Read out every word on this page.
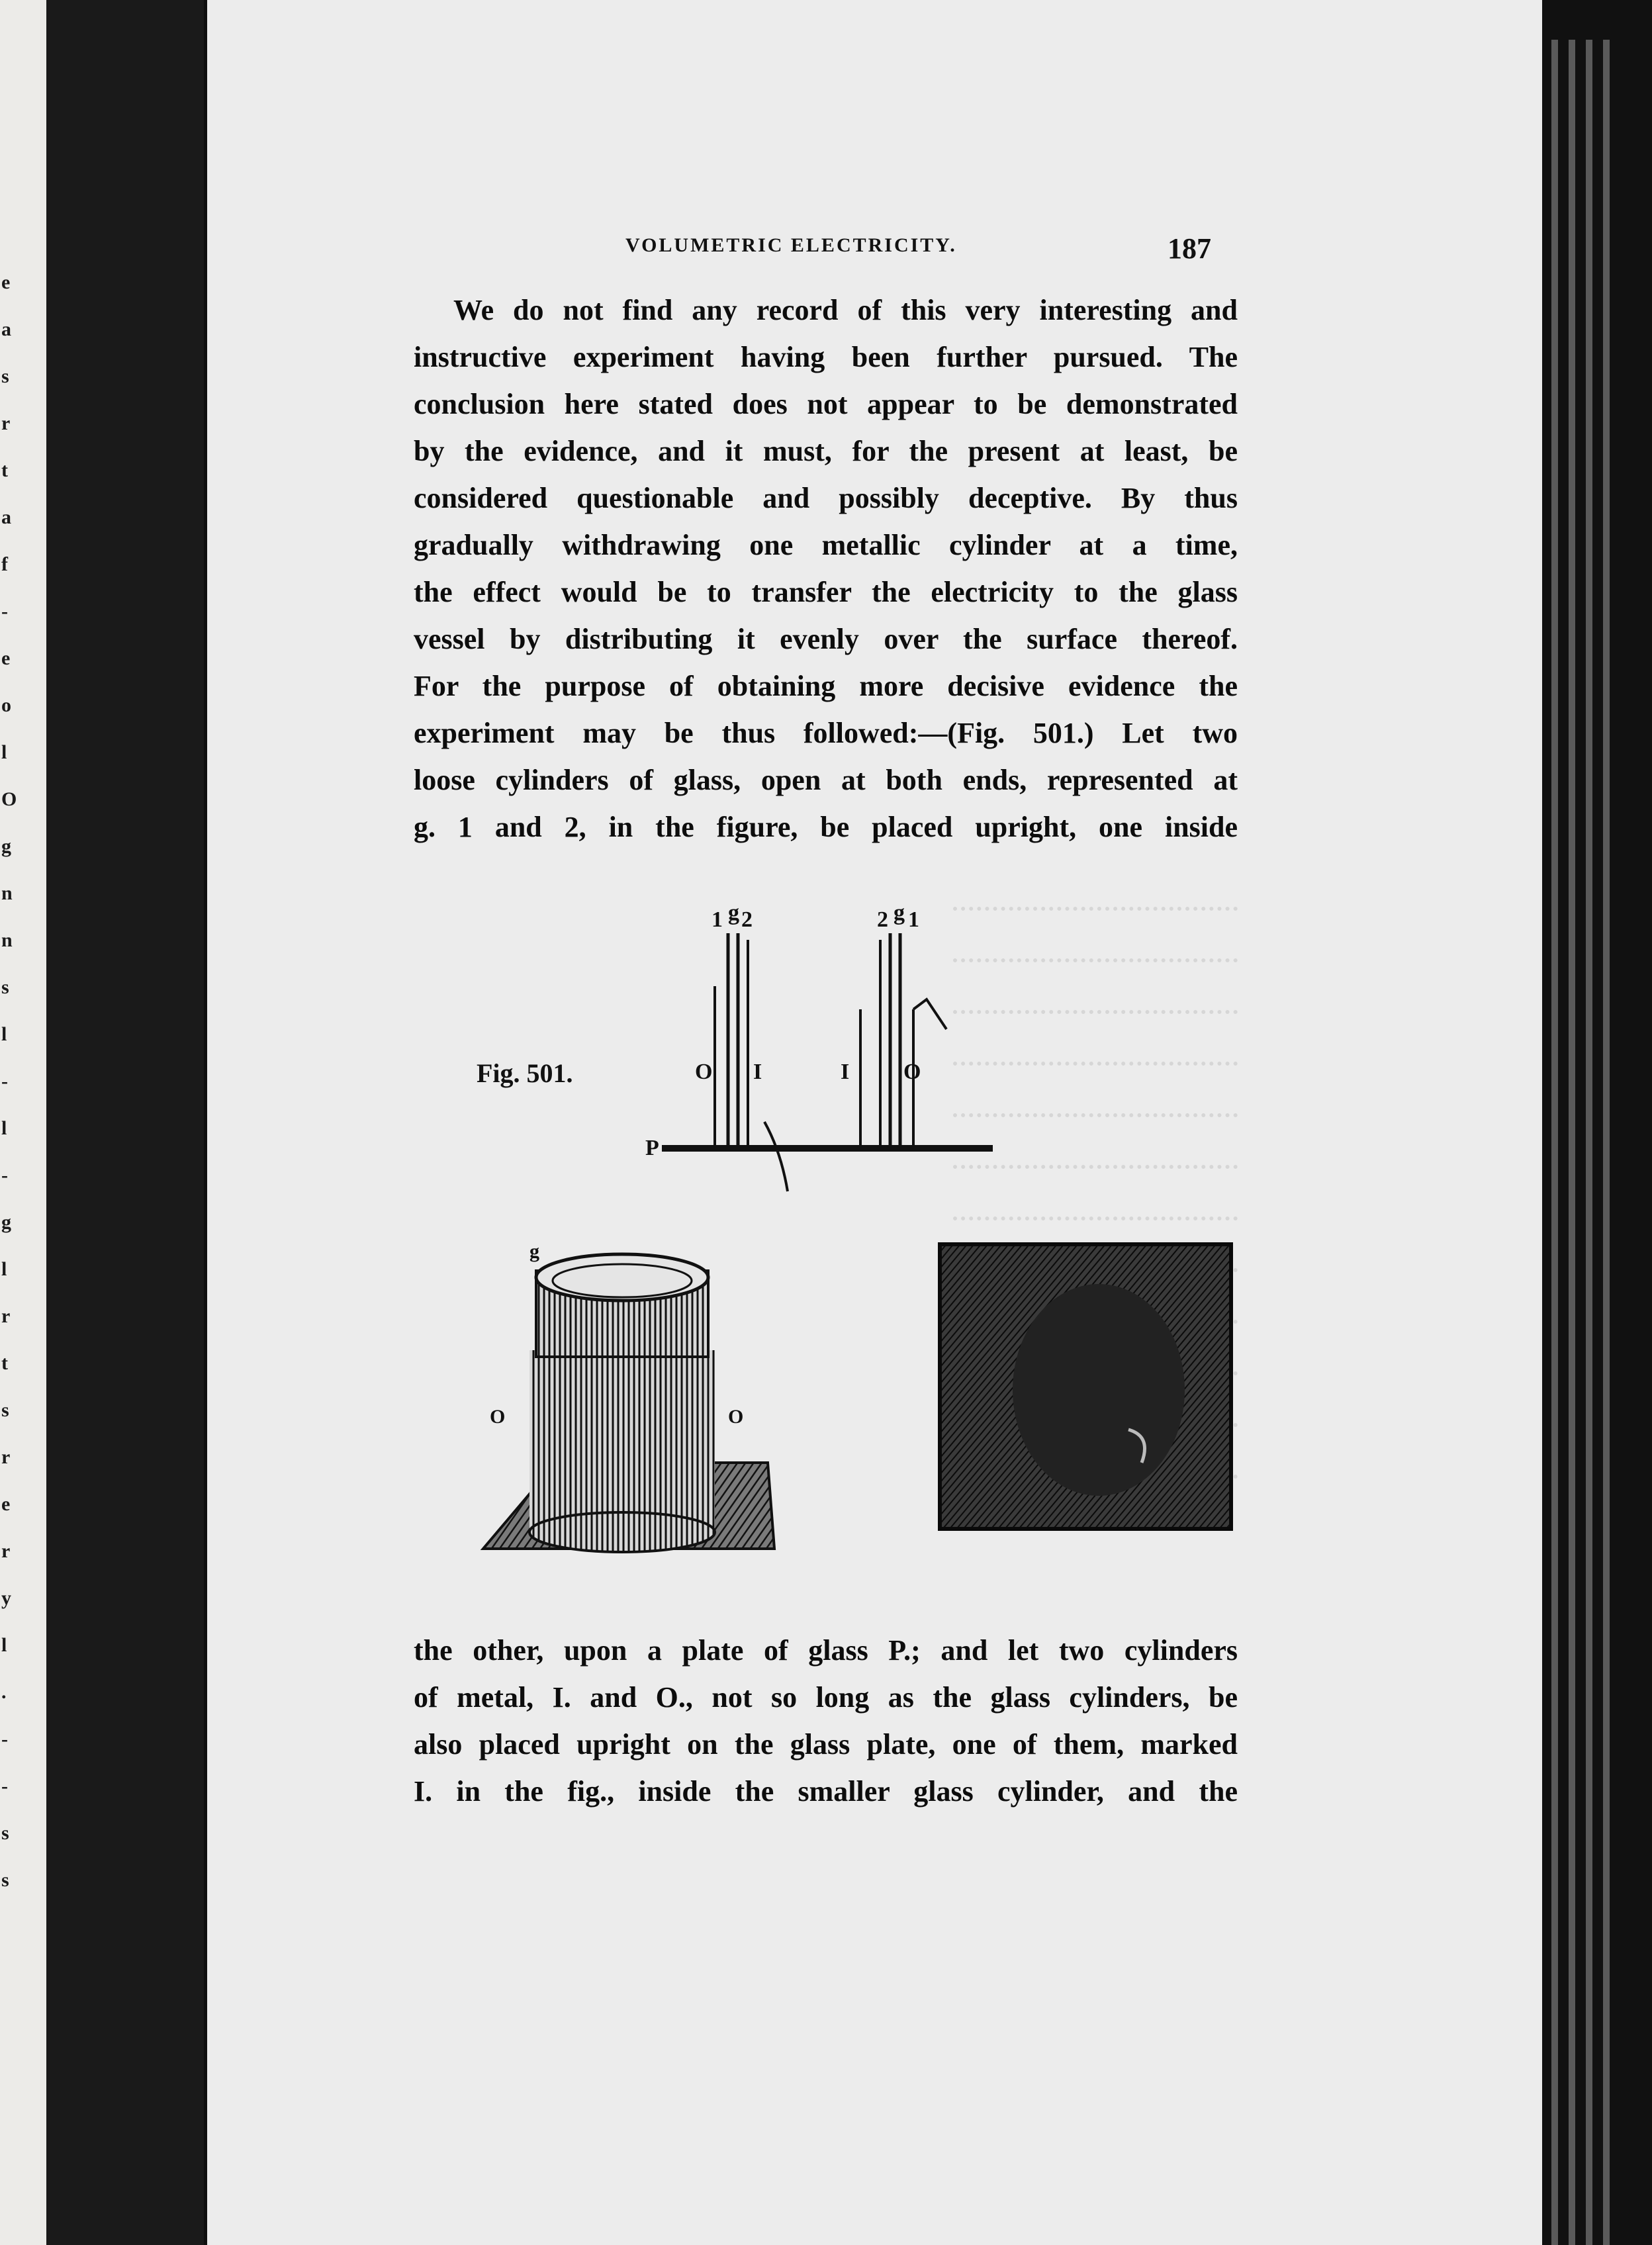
e
a
s
r
t
a
f
-
e
o
l
O
g
n
n
s
l
-
l
-
g
l
r
t
s
r
e
r
y
l
.
-
-
s
s
VOLUMETRIC ELECTRICITY.	187
We do not find any record of this very interesting and
instructive experiment having been further pursued. The
conclusion here stated does not appear to be demonstrated
by the evidence, and it must, for the present at least, be
considered questionable and possibly deceptive. By thus
gradually withdrawing one metallic cylinder at a time,
the effect would be to transfer the electricity to the glass
vessel by distributing it evenly over the surface thereof.
For the purpose of obtaining more decisive evidence the
experiment may be thus followed:—(Fig. 501.) Let two
loose cylinders of glass, open at both ends, represented at
g. 1 and 2, in the figure, be placed upright, one inside
Fig. 501.
1 g 2	2 g 1
O I	I O
P
O	O
g
the other, upon a plate of glass P.; and let two cylinders
of metal, I. and O., not so long as the glass cylinders, be
also placed upright on the glass plate, one of them, marked
I. in the fig., inside the smaller glass cylinder, and the
